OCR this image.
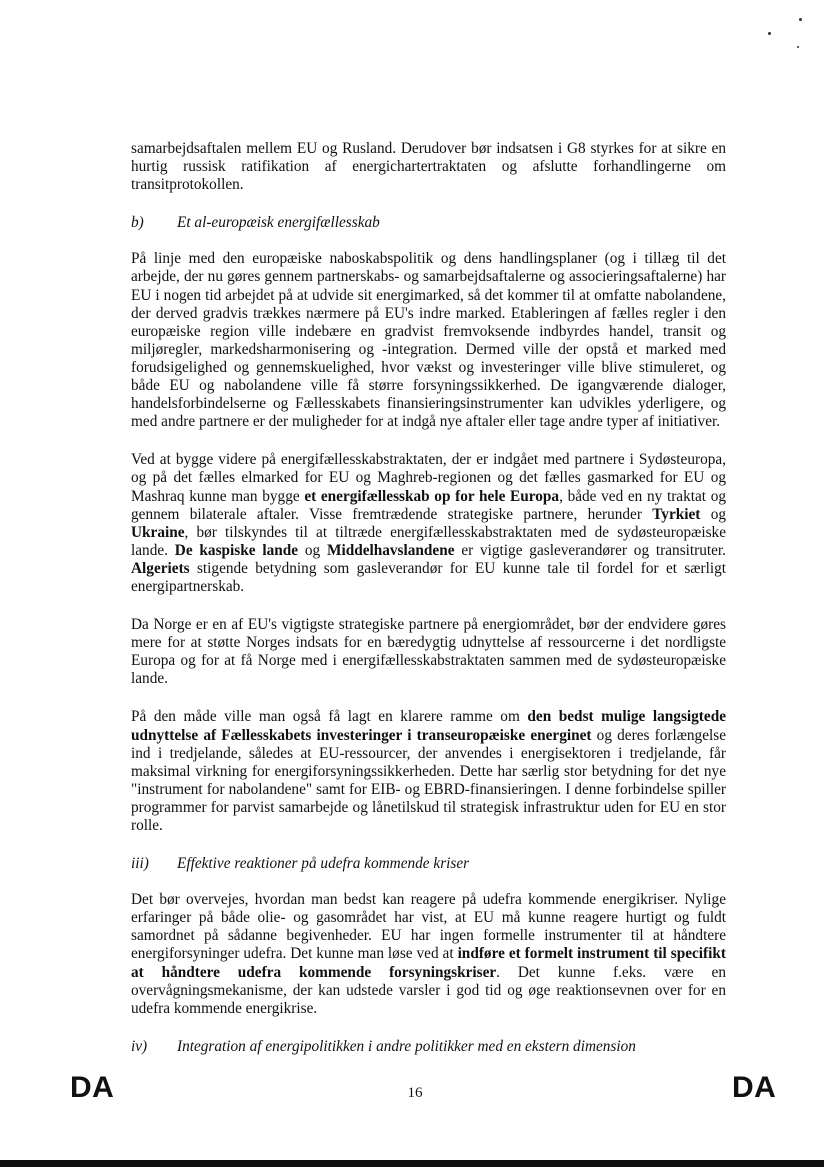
samarbejdsaftalen mellem EU og Rusland. Derudover bør indsatsen i G8 styrkes for at sikre en hurtig russisk ratifikation af energichartertraktaten og afslutte forhandlingerne om transitprotokollen.

b)	Et al-europæisk energifællesskab

På linje med den europæiske naboskabspolitik og dens handlingsplaner (og i tillæg til det arbejde, der nu gøres gennem partnerskabs- og samarbejdsaftalerne og associeringsaftalerne) har EU i nogen tid arbejdet på at udvide sit energimarked, så det kommer til at omfatte nabolandene, der derved gradvis trækkes nærmere på EU's indre marked. Etableringen af fælles regler i den europæiske region ville indebære en gradvist fremvoksende indbyrdes handel, transit og miljøregler, markedsharmonisering og -integration. Dermed ville der opstå et marked med forudsigelighed og gennemskuelighed, hvor vækst og investeringer ville blive stimuleret, og både EU og nabolandene ville få større forsyningssikkerhed. De igangværende dialoger, handelsforbindelserne og Fællesskabets finansieringsinstrumenter kan udvikles yderligere, og med andre partnere er der muligheder for at indgå nye aftaler eller tage andre typer af initiativer.

Ved at bygge videre på energifællesskabstraktaten, der er indgået med partnere i Sydøsteuropa, og på det fælles elmarked for EU og Maghreb-regionen og det fælles gasmarked for EU og Mashraq kunne man bygge et energifællesskab op for hele Europa, både ved en ny traktat og gennem bilaterale aftaler. Visse fremtrædende strategiske partnere, herunder Tyrkiet og Ukraine, bør tilskyndes til at tiltræde energifællesskabstraktaten med de sydøsteuropæiske lande. De kaspiske lande og Middelhavslandene er vigtige gasleverandører og transitruter. Algeriets stigende betydning som gasleverandør for EU kunne tale til fordel for et særligt energipartnerskab.

Da Norge er en af EU's vigtigste strategiske partnere på energiområdet, bør der endvidere gøres mere for at støtte Norges indsats for en bæredygtig udnyttelse af ressourcerne i det nordligste Europa og for at få Norge med i energifællesskabstraktaten sammen med de sydøsteuropæiske lande.

På den måde ville man også få lagt en klarere ramme om den bedst mulige langsigtede udnyttelse af Fællesskabets investeringer i transeuropæiske energinet og deres forlængelse ind i tredjelande, således at EU-ressourcer, der anvendes i energisektoren i tredjelande, får maksimal virkning for energiforsyningssikkerheden. Dette har særlig stor betydning for det nye "instrument for nabolandene" samt for EIB- og EBRD-finansieringen. I denne forbindelse spiller programmer for parvist samarbejde og lånetilskud til strategisk infrastruktur uden for EU en stor rolle.

iii)	Effektive reaktioner på udefra kommende kriser

Det bør overvejes, hvordan man bedst kan reagere på udefra kommende energikriser. Nylige erfaringer på både olie- og gasområdet har vist, at EU må kunne reagere hurtigt og fuldt samordnet på sådanne begivenheder. EU har ingen formelle instrumenter til at håndtere energiforsyninger udefra. Det kunne man løse ved at indføre et formelt instrument til specifikt at håndtere udefra kommende forsyningskriser. Det kunne f.eks. være en overvågningsmekanisme, der kan udstede varsler i god tid og øge reaktionsevnen over for en udefra kommende energikrise.

iv)	Integration af energipolitikken i andre politikker med en ekstern dimension
DA	16	DA
